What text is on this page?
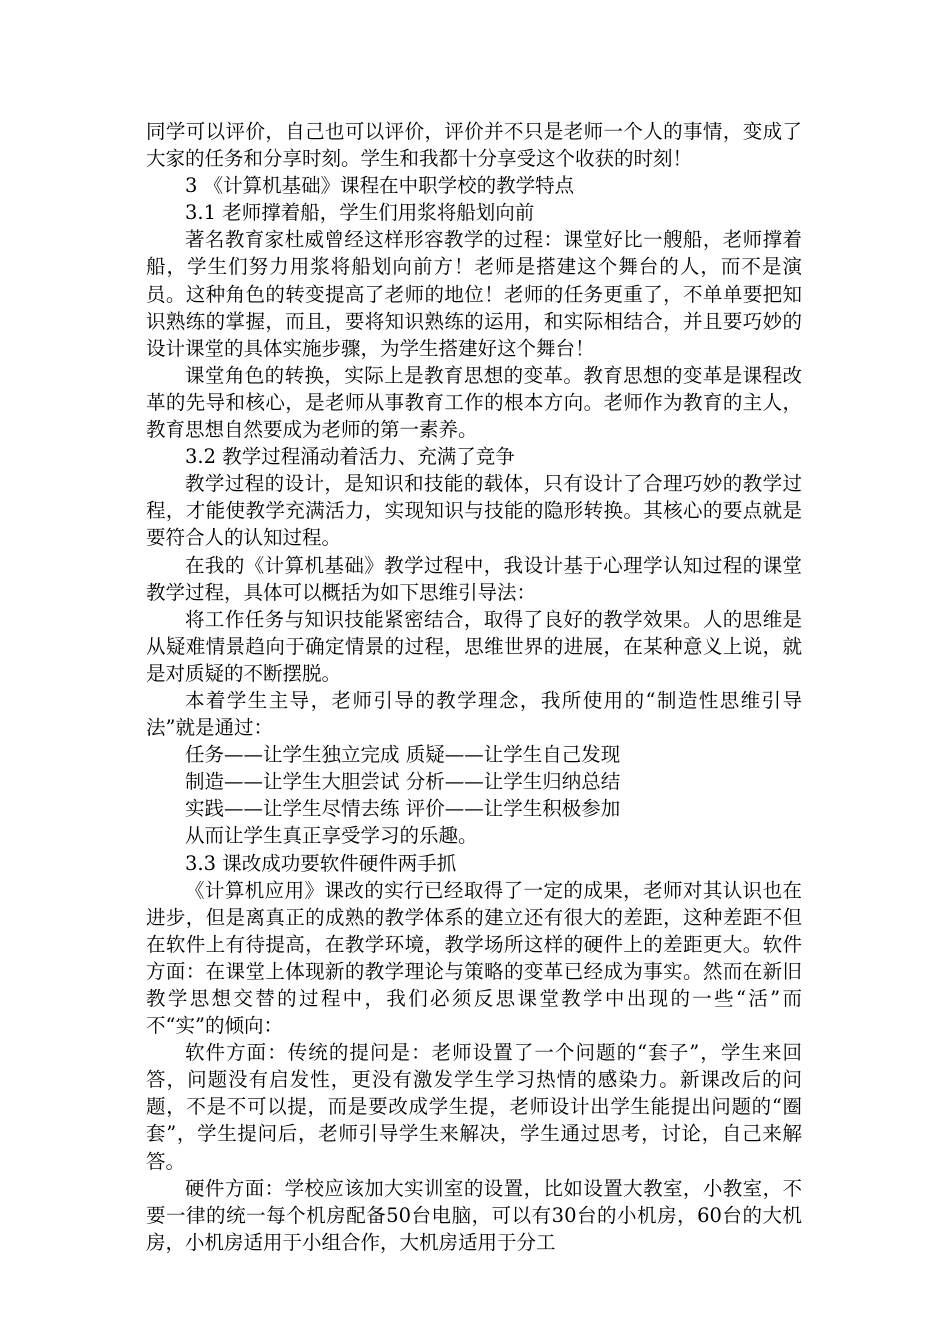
同学可以评价，自己也可以评价，评价并不只是老师一个人的事情，变成了大家的任务和分享时刻。学生和我都十分享受这个收获的时刻！

3 《计算机基础》课程在中职学校的教学特点

3.1 老师撑着船，学生们用浆将船划向前

著名教育家杜威曾经这样形容教学的过程：课堂好比一艘船，老师撑着船，学生们努力用浆将船划向前方！老师是搭建这个舞台的人，而不是演员。这种角色的转变提高了老师的地位！老师的任务更重了，不单单要把知识熟练的掌握，而且，要将知识熟练的运用，和实际相结合，并且要巧妙的设计课堂的具体实施步骤，为学生搭建好这个舞台！

课堂角色的转换，实际上是教育思想的变革。教育思想的变革是课程改革的先导和核心，是老师从事教育工作的根本方向。老师作为教育的主人，教育思想自然要成为老师的第一素养。

3.2 教学过程涌动着活力、充满了竞争

教学过程的设计，是知识和技能的载体，只有设计了合理巧妙的教学过程，才能使教学充满活力，实现知识与技能的隐形转换。其核心的要点就是要符合人的认知过程。

在我的《计算机基础》教学过程中，我设计基于心理学认知过程的课堂教学过程，具体可以概括为如下思维引导法：

将工作任务与知识技能紧密结合，取得了良好的教学效果。人的思维是从疑难情景趋向于确定情景的过程，思维世界的进展，在某种意义上说，就是对质疑的不断摆脱。

本着学生主导，老师引导的教学理念，我所使用的“制造性思维引导法”就是通过：

任务——让学生独立完成 质疑——让学生自己发现

制造——让学生大胆尝试 分析——让学生归纳总结

实践——让学生尽情去练 评价——让学生积极参加

从而让学生真正享受学习的乐趣。

3.3 课改成功要软件硬件两手抓

《计算机应用》课改的实行已经取得了一定的成果，老师对其认识也在进步，但是离真正的成熟的教学体系的建立还有很大的差距，这种差距不但在软件上有待提高，在教学环境，教学场所这样的硬件上的差距更大。软件方面：在课堂上体现新的教学理论与策略的变革已经成为事实。然而在新旧教学思想交替的过程中，我们必须反思课堂教学中出现的一些“活”而不“实”的倾向：

软件方面：传统的提问是：老师设置了一个问题的“套子”，学生来回答，问题没有启发性，更没有激发学生学习热情的感染力。新课改后的问题，不是不可以提，而是要改成学生提，老师设计出学生能提出问题的“圈套”，学生提问后，老师引导学生来解决，学生通过思考，讨论，自己来解答。

硬件方面：学校应该加大实训室的设置，比如设置大教室，小教室，不要一律的统一每个机房配备50台电脑，可以有30台的小机房，60台的大机房，小机房适用于小组合作，大机房适用于分工
